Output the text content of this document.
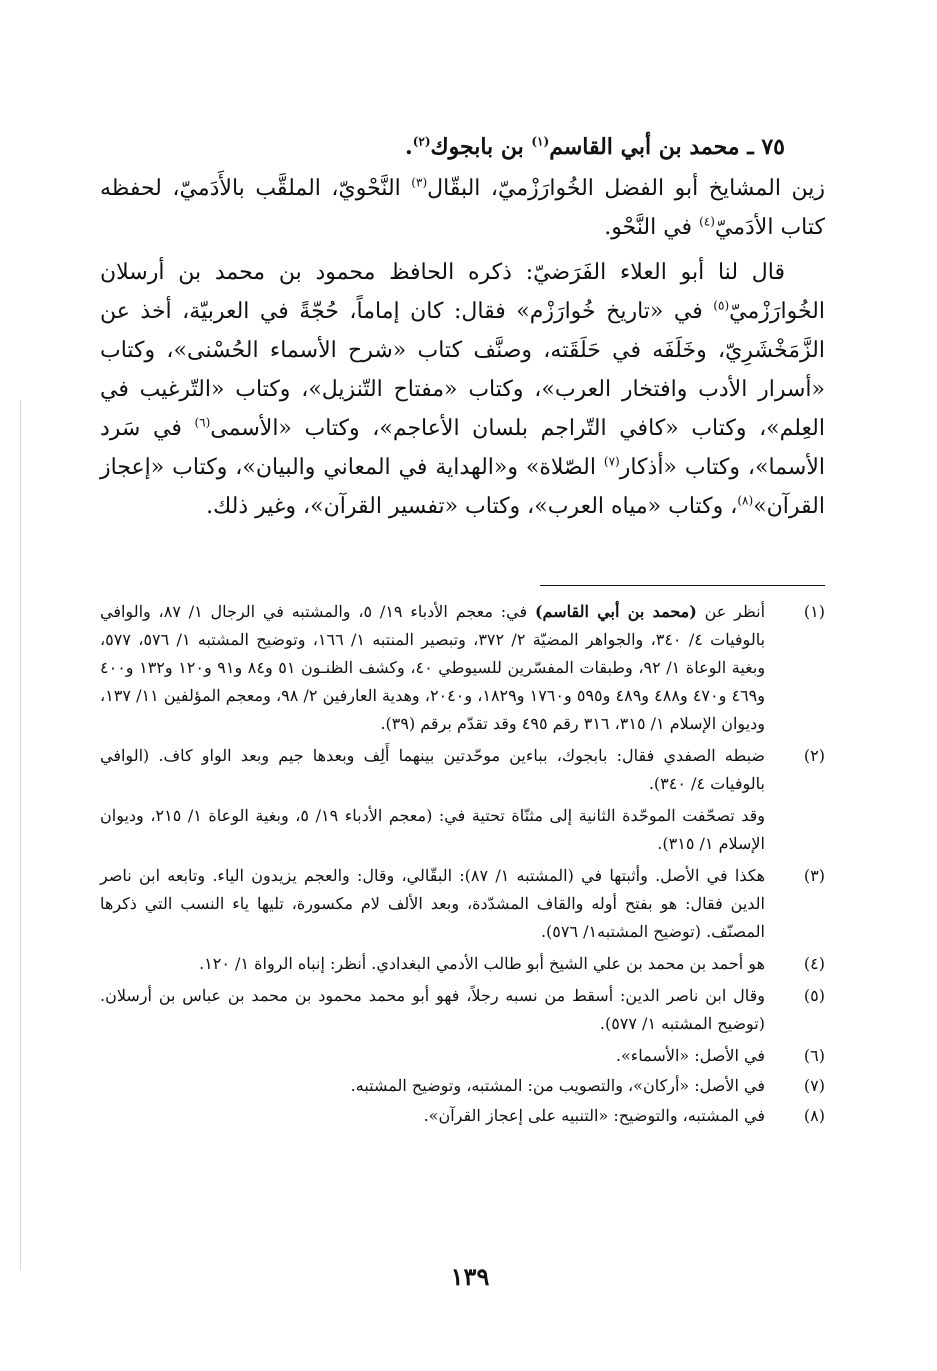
٧٥ ـ محمد بن أبي القاسم$^{(١)}$ بن بابجوك$^{(٢)}$.

زين المشايخ أبو الفضل الخُوارَزْميّ، البقّال$^{(٣)}$ النَّحْويّ، الملقَّب بالأَدَميّ، لحفظه كتاب الأدَميّ$^{(٤)}$ في النَّحْو.

قال لنا أبو العلاء الفَرَضيّ: ذكره الحافظ محمود بن محمد بن أرسلان الخُوارَزْميّ$^{(٥)}$ في «تاريخ خُوارَزْم» فقال: كان إماماً، حُجّةً في العربيّة، أخذ عن الزَّمَخْشَرِيّ، وخَلَفَه في حَلَقَته، وصنَّف كتاب «شرح الأسماء الحُسْنى»، وكتاب «أسرار الأدب وافتخار العرب»، وكتاب «مفتاح التّنزيل»، وكتاب «التّرغيب في العِلم»، وكتاب «كافي التّراجم بلسان الأعاجم»، وكتاب «الأسمى$^{(٦)}$ في سَرد الأسما»، وكتاب «أذكار$^{(٧)}$ الصّلاة» و«الهداية في المعاني والبيان»، وكتاب «إعجاز القرآن»$^{(٨)}$، وكتاب «مياه العرب»، وكتاب «تفسير القرآن»، وغير ذلك.

(١)
أنظر عن (محمد بن أبي القاسم) في: معجم الأدباء ١٩/ ٥، والمشتبه في الرجال ١/ ٨٧، والوافي بالوفيات ٤/ ٣٤٠، والجواهر المضيّة ٢/ ٣٧٢، وتبصير المنتبه ١/ ١٦٦، وتوضيح المشتبه ١/ ٥٧٦، ٥٧٧، وبغية الوعاة ١/ ٩٢، وطبقات المفسّرين للسيوطي ٤٠، وكشف الظنـون ٥١ و٨٤ و٩١ و١٢٠ و١٣٢ و٤٠٠ و٤٦٩ و٤٧٠ و٤٨٨ و٤٨٩ و٥٩٥ و١٧٦٠ و١٨٢٩، و٢٠٤٠، وهدية العارفين ٢/ ٩٨، ومعجم المؤلفين ١١/ ١٣٧، وديوان الإسلام ١/ ٣١٥، ٣١٦ رقم ٤٩٥ وقد تقدّم برقم (٣٩).
(٢)
ضبطه الصفدي فقال: بابجوك، بباءين موحّدتين بينهما أَلِف وبعدها جيم وبعد الواو كاف. (الوافي بالوفيات ٤/ ٣٤٠).
وقد تصحّفت الموحّدة الثانية إلى مثنّاة تحتية في: (معجم الأدباء ١٩/ ٥، وبغية الوعاة ١/ ٢١٥، وديوان الإسلام ١/ ٣١٥).
(٣)
هكذا في الأصل. وأثبتها في (المشتبه ١/ ٨٧): البقّالي، وقال: والعجم يزيدون الياء. وتابعه ابن ناصر الدين فقال: هو بفتح أوله والقاف المشدّدة، وبعد الألف لام مكسورة، تليها ياء النسب التي ذكرها المصنّف. (توضيح المشتبه١/ ٥٧٦).
(٤)
هو أحمد بن محمد بن علي الشيخ أبو طالب الأدمي البغدادي. أنظر: إنباه الرواة ١/ ١٢٠.
(٥)
وقال ابن ناصر الدين: أسقط من نسبه رجلاً، فهو أبو محمد محمود بن محمد بن عباس بن أرسلان. (توضيح المشتبه ١/ ٥٧٧).
(٦)
في الأصل: «الأسماء».
(٧)
في الأصل: «أركان»، والتصويب من: المشتبه، وتوضيح المشتبه.
(٨)
في المشتبه، والتوضيح: «التنبيه على إعجاز القرآن».
١٣٩
